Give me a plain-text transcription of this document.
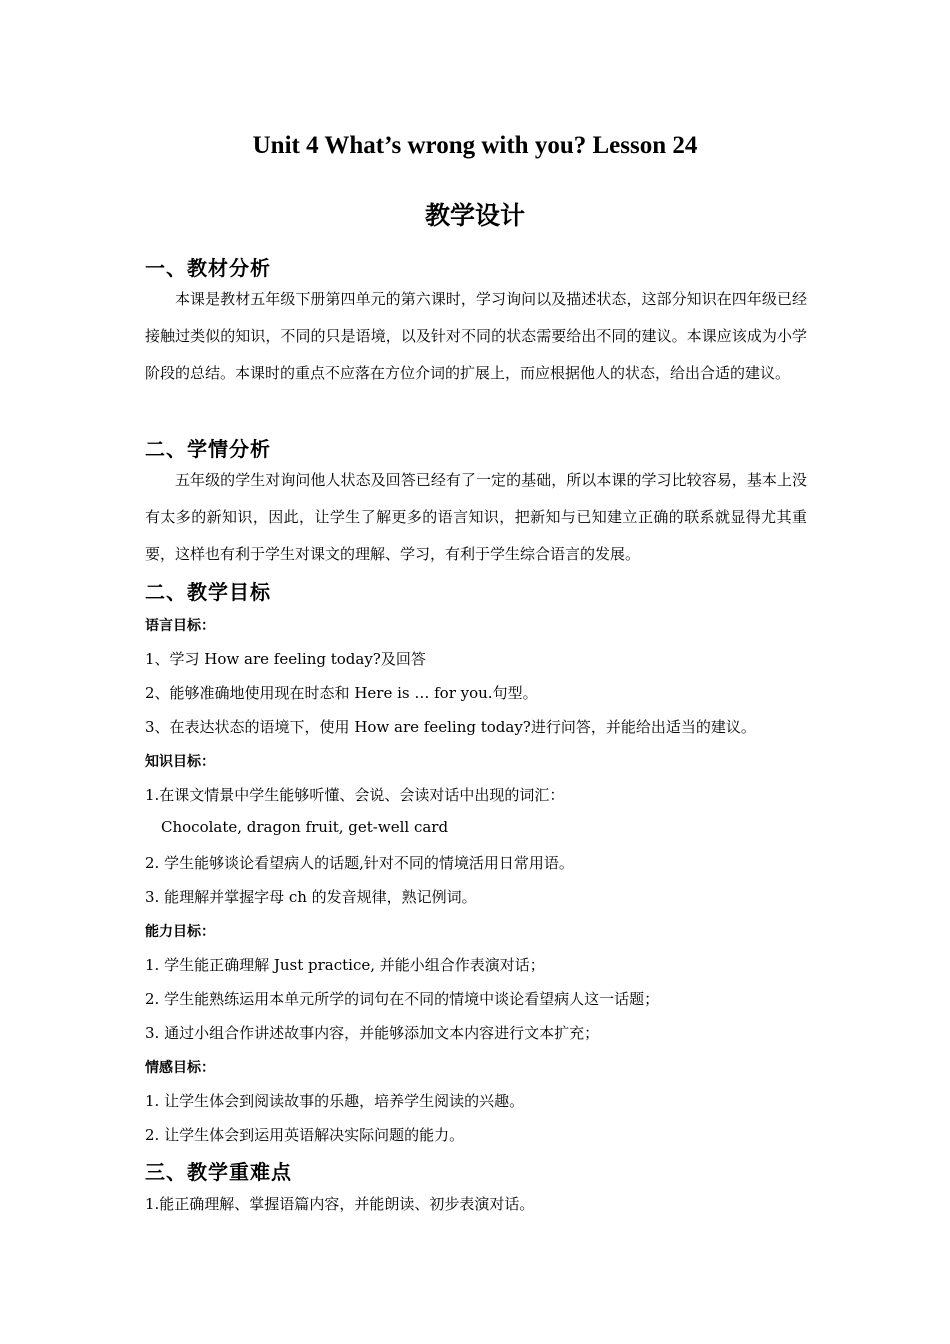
Unit 4 What’s wrong with you? Lesson 24
教学设计
一、教材分析
本课是教材五年级下册第四单元的第六课时，学习询问以及描述状态，这部分知识在四年级已经接触过类似的知识，不同的只是语境，以及针对不同的状态需要给出不同的建议。本课应该成为小学阶段的总结。本课时的重点不应落在方位介词的扩展上，而应根据他人的状态，给出合适的建议。
二、学情分析
五年级的学生对询问他人状态及回答已经有了一定的基础，所以本课的学习比较容易，基本上没有太多的新知识，因此，让学生了解更多的语言知识，把新知与已知建立正确的联系就显得尤其重要，这样也有利于学生对课文的理解、学习，有利于学生综合语言的发展。
二、教学目标
语言目标：
1、学习 How are feeling today?及回答
2、能够准确地使用现在时态和 Here is … for you.句型。
3、在表达状态的语境下，使用 How are feeling today?进行问答，并能给出适当的建议。
知识目标：
1.在课文情景中学生能够听懂、会说、会读对话中出现的词汇：
Chocolate, dragon fruit, get-well card
2. 学生能够谈论看望病人的话题,针对不同的情境活用日常用语。
3. 能理解并掌握字母 ch 的发音规律，熟记例词。
能力目标：
1. 学生能正确理解 Just practice, 并能小组合作表演对话；
2. 学生能熟练运用本单元所学的词句在不同的情境中谈论看望病人这一话题；
3. 通过小组合作讲述故事内容，并能够添加文本内容进行文本扩充；
情感目标：
1. 让学生体会到阅读故事的乐趣，培养学生阅读的兴趣。
2. 让学生体会到运用英语解决实际问题的能力。
三、教学重难点
1.能正确理解、掌握语篇内容，并能朗读、初步表演对话。
